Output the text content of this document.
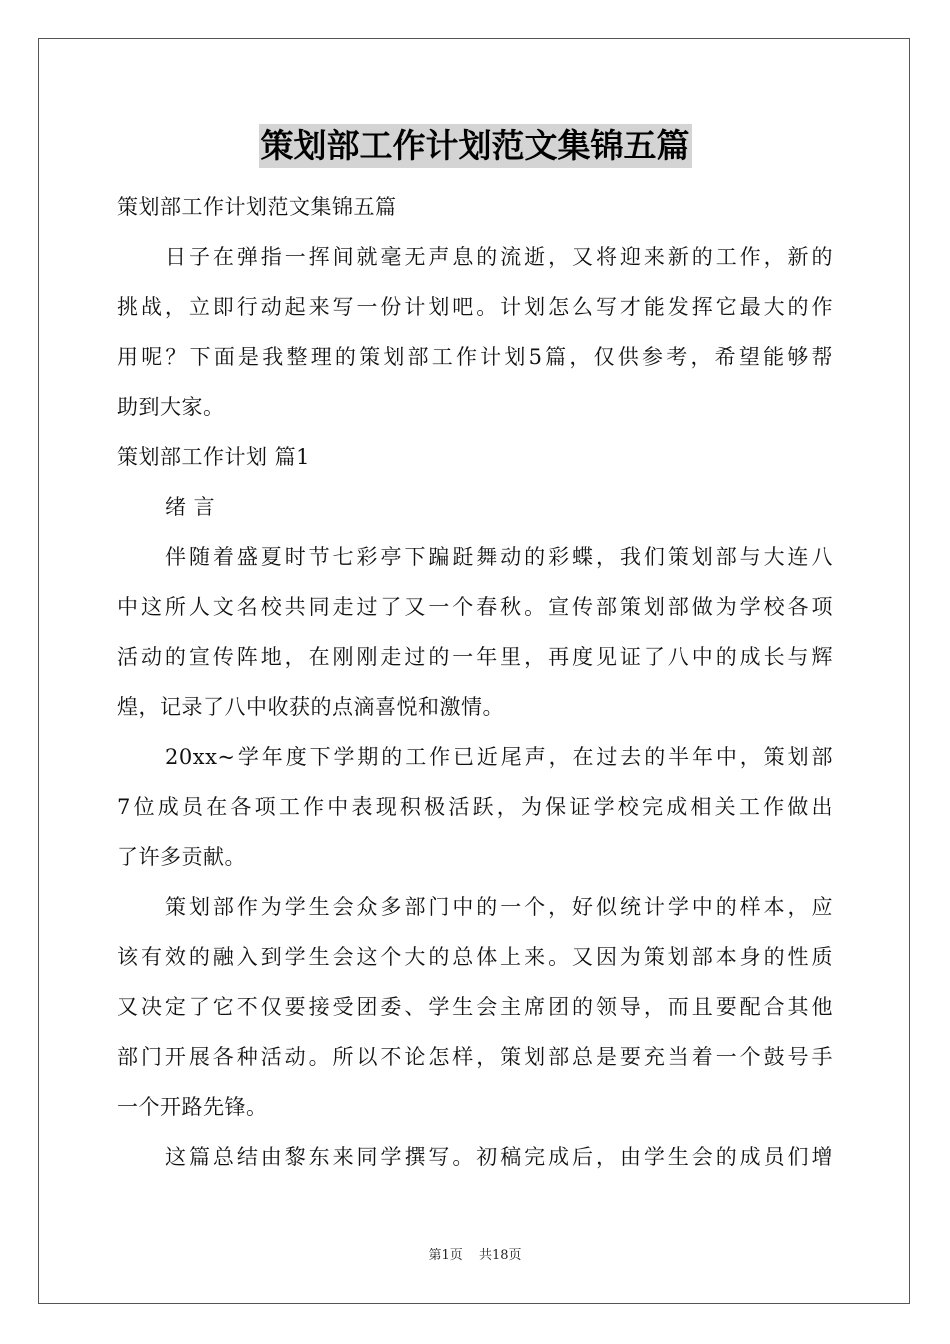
策划部工作计划范文集锦五篇
策划部工作计划范文集锦五篇
日子在弹指一挥间就毫无声息的流逝，又将迎来新的工作，新的
挑战，立即行动起来写一份计划吧。计划怎么写才能发挥它最大的作
用呢？下面是我整理的策划部工作计划5篇，仅供参考，希望能够帮
助到大家。
策划部工作计划 篇1
绪 言
伴随着盛夏时节七彩亭下蹁跹舞动的彩蝶，我们策划部与大连八
中这所人文名校共同走过了又一个春秋。宣传部策划部做为学校各项
活动的宣传阵地，在刚刚走过的一年里，再度见证了八中的成长与辉
煌，记录了八中收获的点滴喜悦和激情。
20xx~学年度下学期的工作已近尾声，在过去的半年中，策划部
7位成员在各项工作中表现积极活跃，为保证学校完成相关工作做出
了许多贡献。
策划部作为学生会众多部门中的一个，好似统计学中的样本，应
该有效的融入到学生会这个大的总体上来。又因为策划部本身的性质
又决定了它不仅要接受团委、学生会主席团的领导，而且要配合其他
部门开展各种活动。所以不论怎样，策划部总是要充当着一个鼓号手
一个开路先锋。
这篇总结由黎东来同学撰写。初稿完成后，由学生会的成员们增
第1页 共18页
